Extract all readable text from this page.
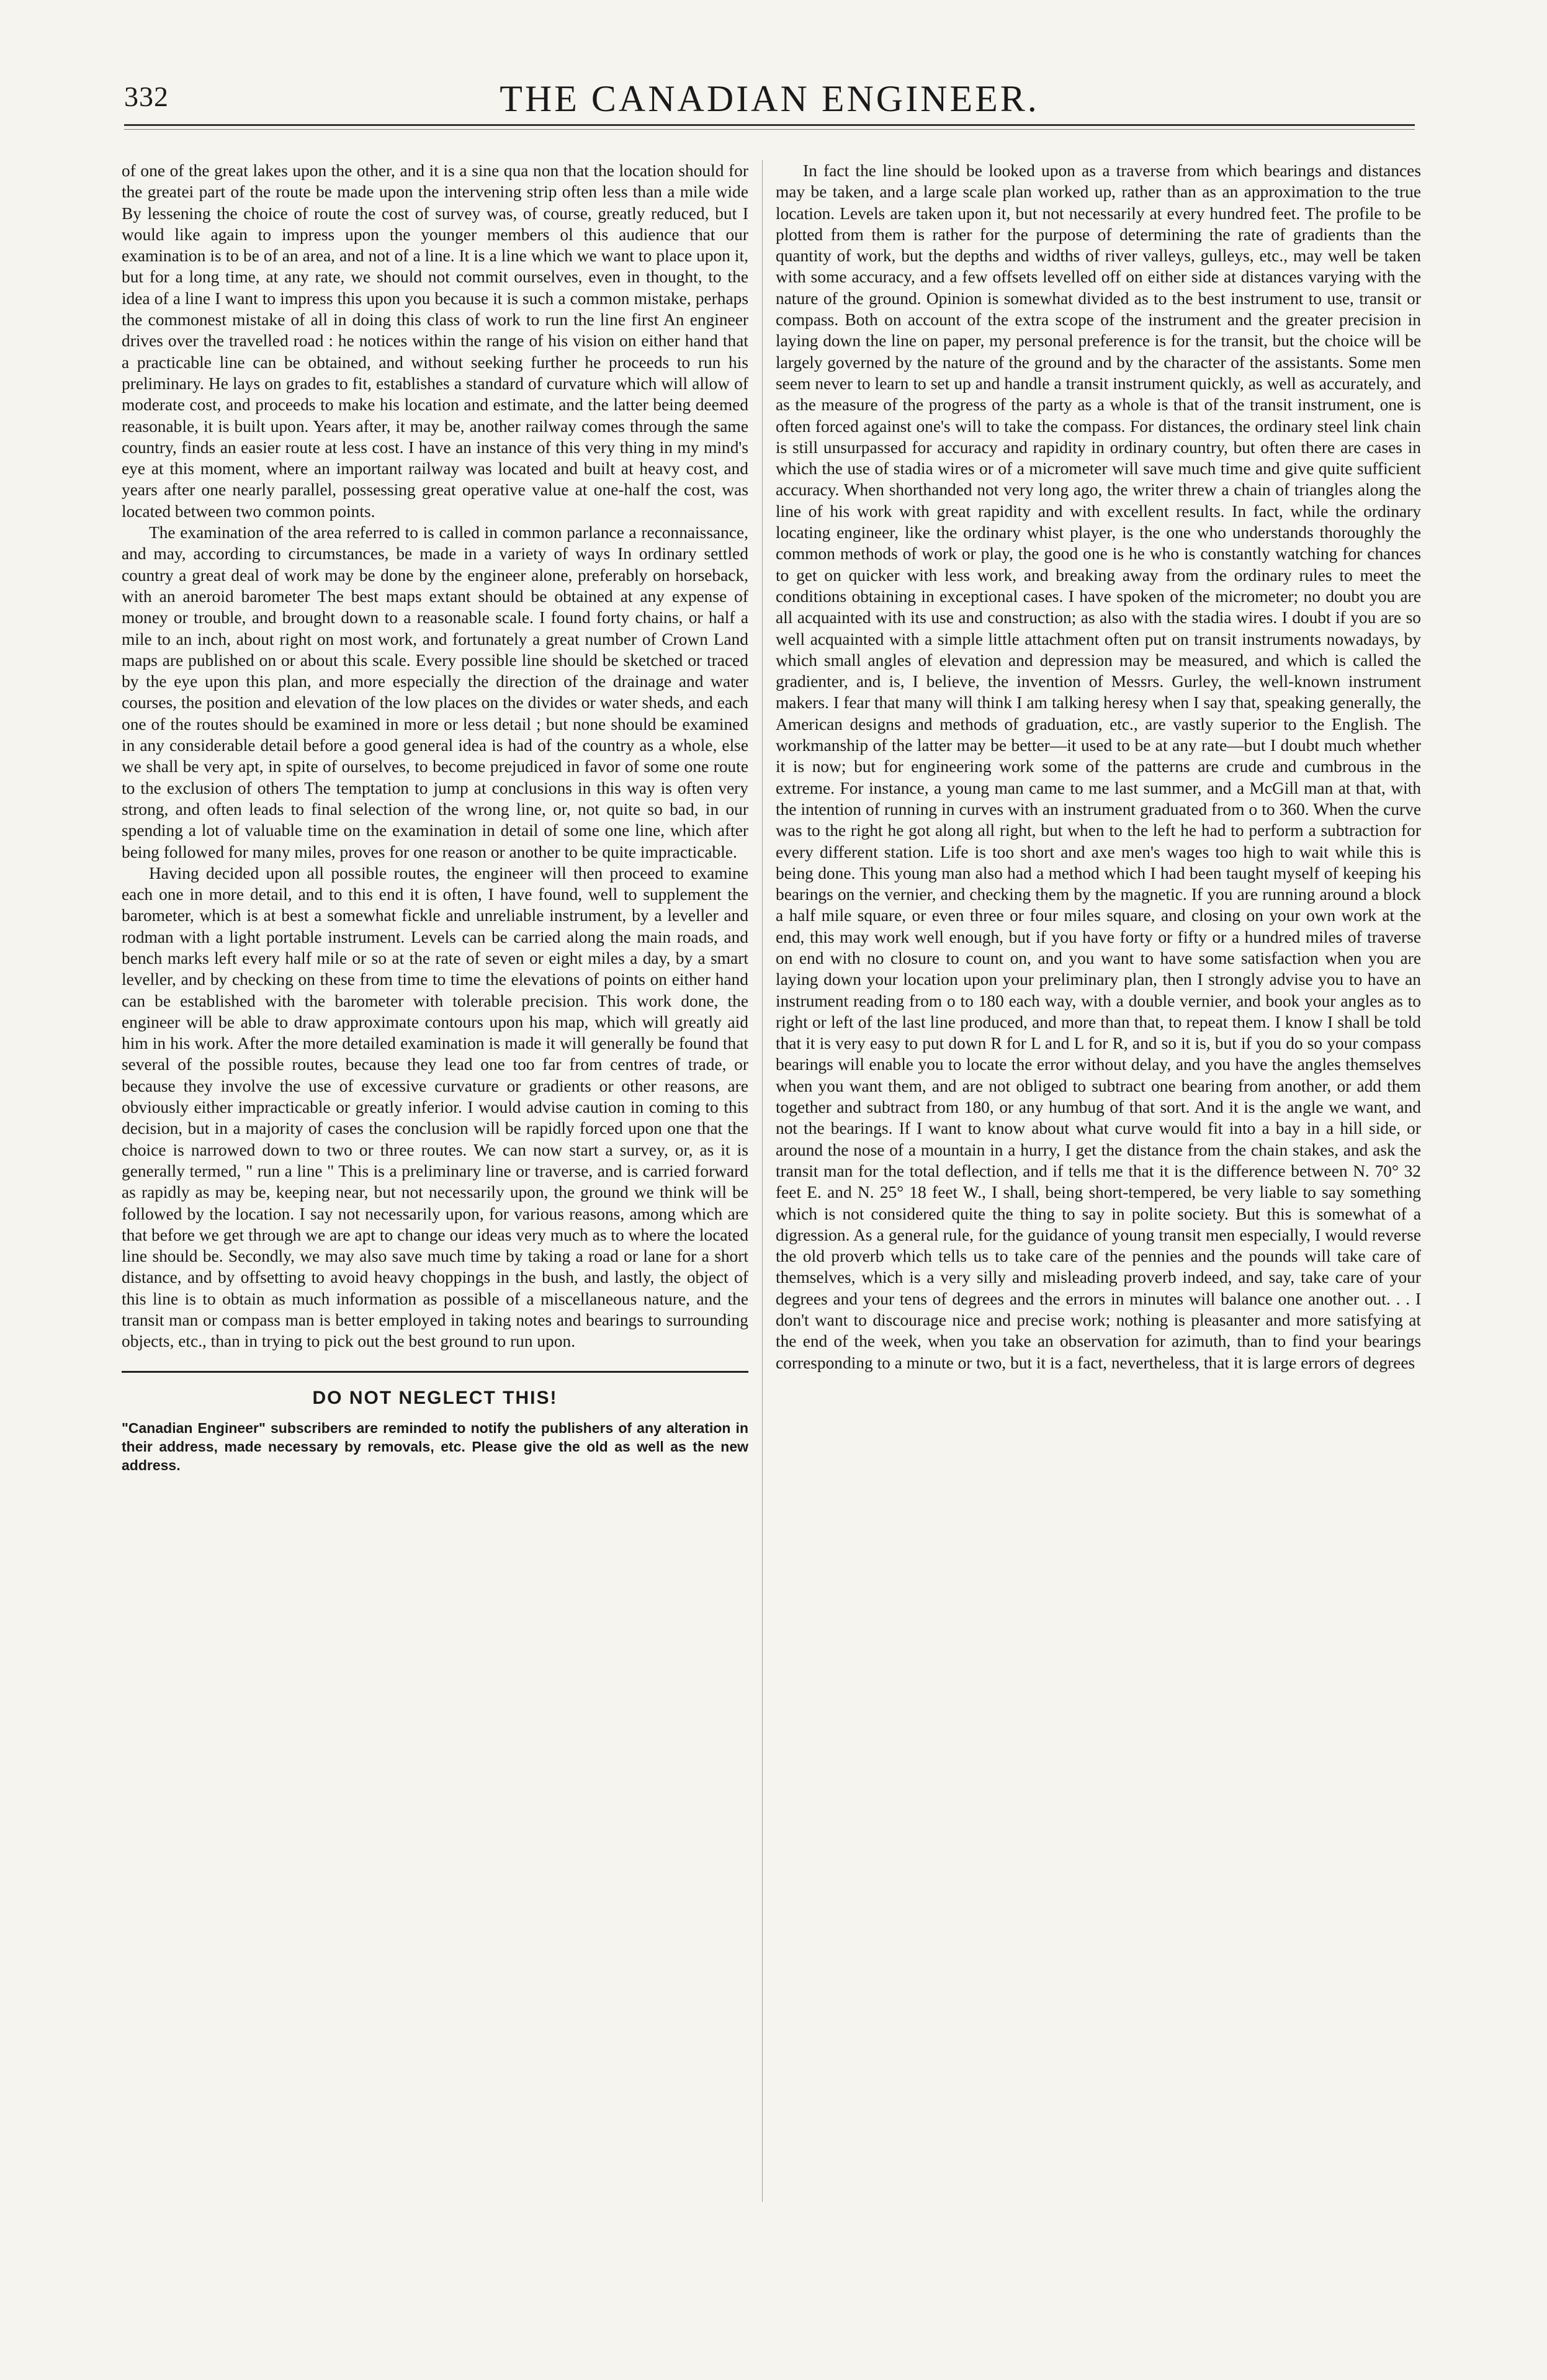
332	THE CANADIAN ENGINEER.

of one of the great lakes upon the other, and it is a sine qua non that the location should for the greatei part of the route be made upon the intervening strip often less than a mile wide By lessening the choice of route the cost of survey was, of course, greatly reduced, but I would like again to impress upon the younger members ol this audience that our examination is to be of an area, and not of a line. It is a line which we want to place upon it, but for a long time, at any rate, we should not commit ourselves, even in thought, to the idea of a line I want to impress this upon you because it is such a common mistake, perhaps the commonest mistake of all in doing this class of work to run the line first An engineer drives over the travelled road : he notices within the range of his vision on either hand that a practicable line can be obtained, and without seeking further he proceeds to run his preliminary. He lays on grades to fit, establishes a standard of curvature which will allow of moderate cost, and proceeds to make his location and estimate, and the latter being deemed reasonable, it is built upon. Years after, it may be, another railway comes through the same country, finds an easier route at less cost. I have an instance of this very thing in my mind's eye at this moment, where an important railway was located and built at heavy cost, and years after one nearly parallel, possessing great operative value at one-half the cost, was located between two common points.

The examination of the area referred to is called in common parlance a reconnaissance, and may, according to circumstances, be made in a variety of ways In ordinary settled country a great deal of work may be done by the engineer alone, preferably on horseback, with an aneroid barometer The best maps extant should be obtained at any expense of money or trouble, and brought down to a reasonable scale. I found forty chains, or half a mile to an inch, about right on most work, and fortunately a great number of Crown Land maps are published on or about this scale. Every possible line should be sketched or traced by the eye upon this plan, and more especially the direction of the drainage and water courses, the position and elevation of the low places on the divides or water sheds, and each one of the routes should be examined in more or less detail ; but none should be examined in any considerable detail before a good general idea is had of the country as a whole, else we shall be very apt, in spite of ourselves, to become prejudiced in favor of some one route to the exclusion of others The temptation to jump at conclusions in this way is often very strong, and often leads to final selection of the wrong line, or, not quite so bad, in our spending a lot of valuable time on the examination in detail of some one line, which after being followed for many miles, proves for one reason or another to be quite impracticable.

Having decided upon all possible routes, the engineer will then proceed to examine each one in more detail, and to this end it is often, I have found, well to supplement the barometer, which is at best a somewhat fickle and unreliable instrument, by a leveller and rodman with a light portable instrument. Levels can be carried along the main roads, and bench marks left every half mile or so at the rate of seven or eight miles a day, by a smart leveller, and by checking on these from time to time the elevations of points on either hand can be established with the barometer with tolerable precision. This work done, the engineer will be able to draw approximate contours upon his map, which will greatly aid him in his work. After the more detailed examination is made it will generally be found that several of the possible routes, because they lead one too far from centres of trade, or because they involve the use of excessive curvature or gradients or other reasons, are obviously either impracticable or greatly inferior. I would advise caution in coming to this decision, but in a majority of cases the conclusion will be rapidly forced upon one that the choice is narrowed down to two or three routes. We can now start a survey, or, as it is generally termed, " run a line " This is a preliminary line or traverse, and is carried forward as rapidly as may be, keeping near, but not necessarily upon, the ground we think will be followed by the location. I say not necessarily upon, for various reasons, among which are that before we get through we are apt to change our ideas very much as to where the located line should be. Secondly, we may also save much time by taking a road or lane for a short distance, and by offsetting to avoid heavy choppings in the bush, and lastly, the object of this line is to obtain as much information as possible of a miscellaneous nature, and the transit man or compass man is better employed in taking notes and bearings to surrounding objects, etc., than in trying to pick out the best ground to run upon.

DO NOT NEGLECT THIS!
"Canadian Engineer" subscribers are reminded to notify the publishers of any alteration in their address, made necessary by removals, etc. Please give the old as well as the new address.

In fact the line should be looked upon as a traverse from which bearings and distances may be taken, and a large scale plan worked up, rather than as an approximation to the true location. Levels are taken upon it, but not necessarily at every hundred feet. The profile to be plotted from them is rather for the purpose of determining the rate of gradients than the quantity of work, but the depths and widths of river valleys, gulleys, etc., may well be taken with some accuracy, and a few offsets levelled off on either side at distances varying with the nature of the ground. Opinion is somewhat divided as to the best instrument to use, transit or compass. Both on account of the extra scope of the instrument and the greater precision in laying down the line on paper, my personal preference is for the transit, but the choice will be largely governed by the nature of the ground and by the character of the assistants. Some men seem never to learn to set up and handle a transit instrument quickly, as well as accurately, and as the measure of the progress of the party as a whole is that of the transit instrument, one is often forced against one's will to take the compass. For distances, the ordinary steel link chain is still unsurpassed for accuracy and rapidity in ordinary country, but often there are cases in which the use of stadia wires or of a micrometer will save much time and give quite sufficient accuracy. When shorthanded not very long ago, the writer threw a chain of triangles along the line of his work with great rapidity and with excellent results. In fact, while the ordinary locating engineer, like the ordinary whist player, is the one who understands thoroughly the common methods of work or play, the good one is he who is constantly watching for chances to get on quicker with less work, and breaking away from the ordinary rules to meet the conditions obtaining in exceptional cases. I have spoken of the micrometer; no doubt you are all acquainted with its use and construction; as also with the stadia wires. I doubt if you are so well acquainted with a simple little attachment often put on transit instruments nowadays, by which small angles of elevation and depression may be measured, and which is called the gradienter, and is, I believe, the invention of Messrs. Gurley, the well-known instrument makers. I fear that many will think I am talking heresy when I say that, speaking generally, the American designs and methods of graduation, etc., are vastly superior to the English. The workmanship of the latter may be better—it used to be at any rate—but I doubt much whether it is now; but for engineering work some of the patterns are crude and cumbrous in the extreme. For instance, a young man came to me last summer, and a McGill man at that, with the intention of running in curves with an instrument graduated from o to 360. When the curve was to the right he got along all right, but when to the left he had to perform a subtraction for every different station. Life is too short and axe men's wages too high to wait while this is being done. This young man also had a method which I had been taught myself of keeping his bearings on the vernier, and checking them by the magnetic. If you are running around a block a half mile square, or even three or four miles square, and closing on your own work at the end, this may work well enough, but if you have forty or fifty or a hundred miles of traverse on end with no closure to count on, and you want to have some satisfaction when you are laying down your location upon your preliminary plan, then I strongly advise you to have an instrument reading from o to 180 each way, with a double vernier, and book your angles as to right or left of the last line produced, and more than that, to repeat them. I know I shall be told that it is very easy to put down R for L and L for R, and so it is, but if you do so your compass bearings will enable you to locate the error without delay, and you have the angles themselves when you want them, and are not obliged to subtract one bearing from another, or add them together and subtract from 180, or any humbug of that sort. And it is the angle we want, and not the bearings. If I want to know about what curve would fit into a bay in a hill side, or around the nose of a mountain in a hurry, I get the distance from the chain stakes, and ask the transit man for the total deflection, and if tells me that it is the difference between N. 70° 32 feet E. and N. 25° 18 feet W., I shall, being short-tempered, be very liable to say something which is not considered quite the thing to say in polite society. But this is somewhat of a digression. As a general rule, for the guidance of young transit men especially, I would reverse the old proverb which tells us to take care of the pennies and the pounds will take care of themselves, which is a very silly and misleading proverb indeed, and say, take care of your degrees and your tens of degrees and the errors in minutes will balance one another out. . . I don't want to discourage nice and precise work; nothing is pleasanter and more satisfying at the end of the week, when you take an observation for azimuth, than to find your bearings corresponding to a minute or two, but it is a fact, nevertheless, that it is large errors of degrees
